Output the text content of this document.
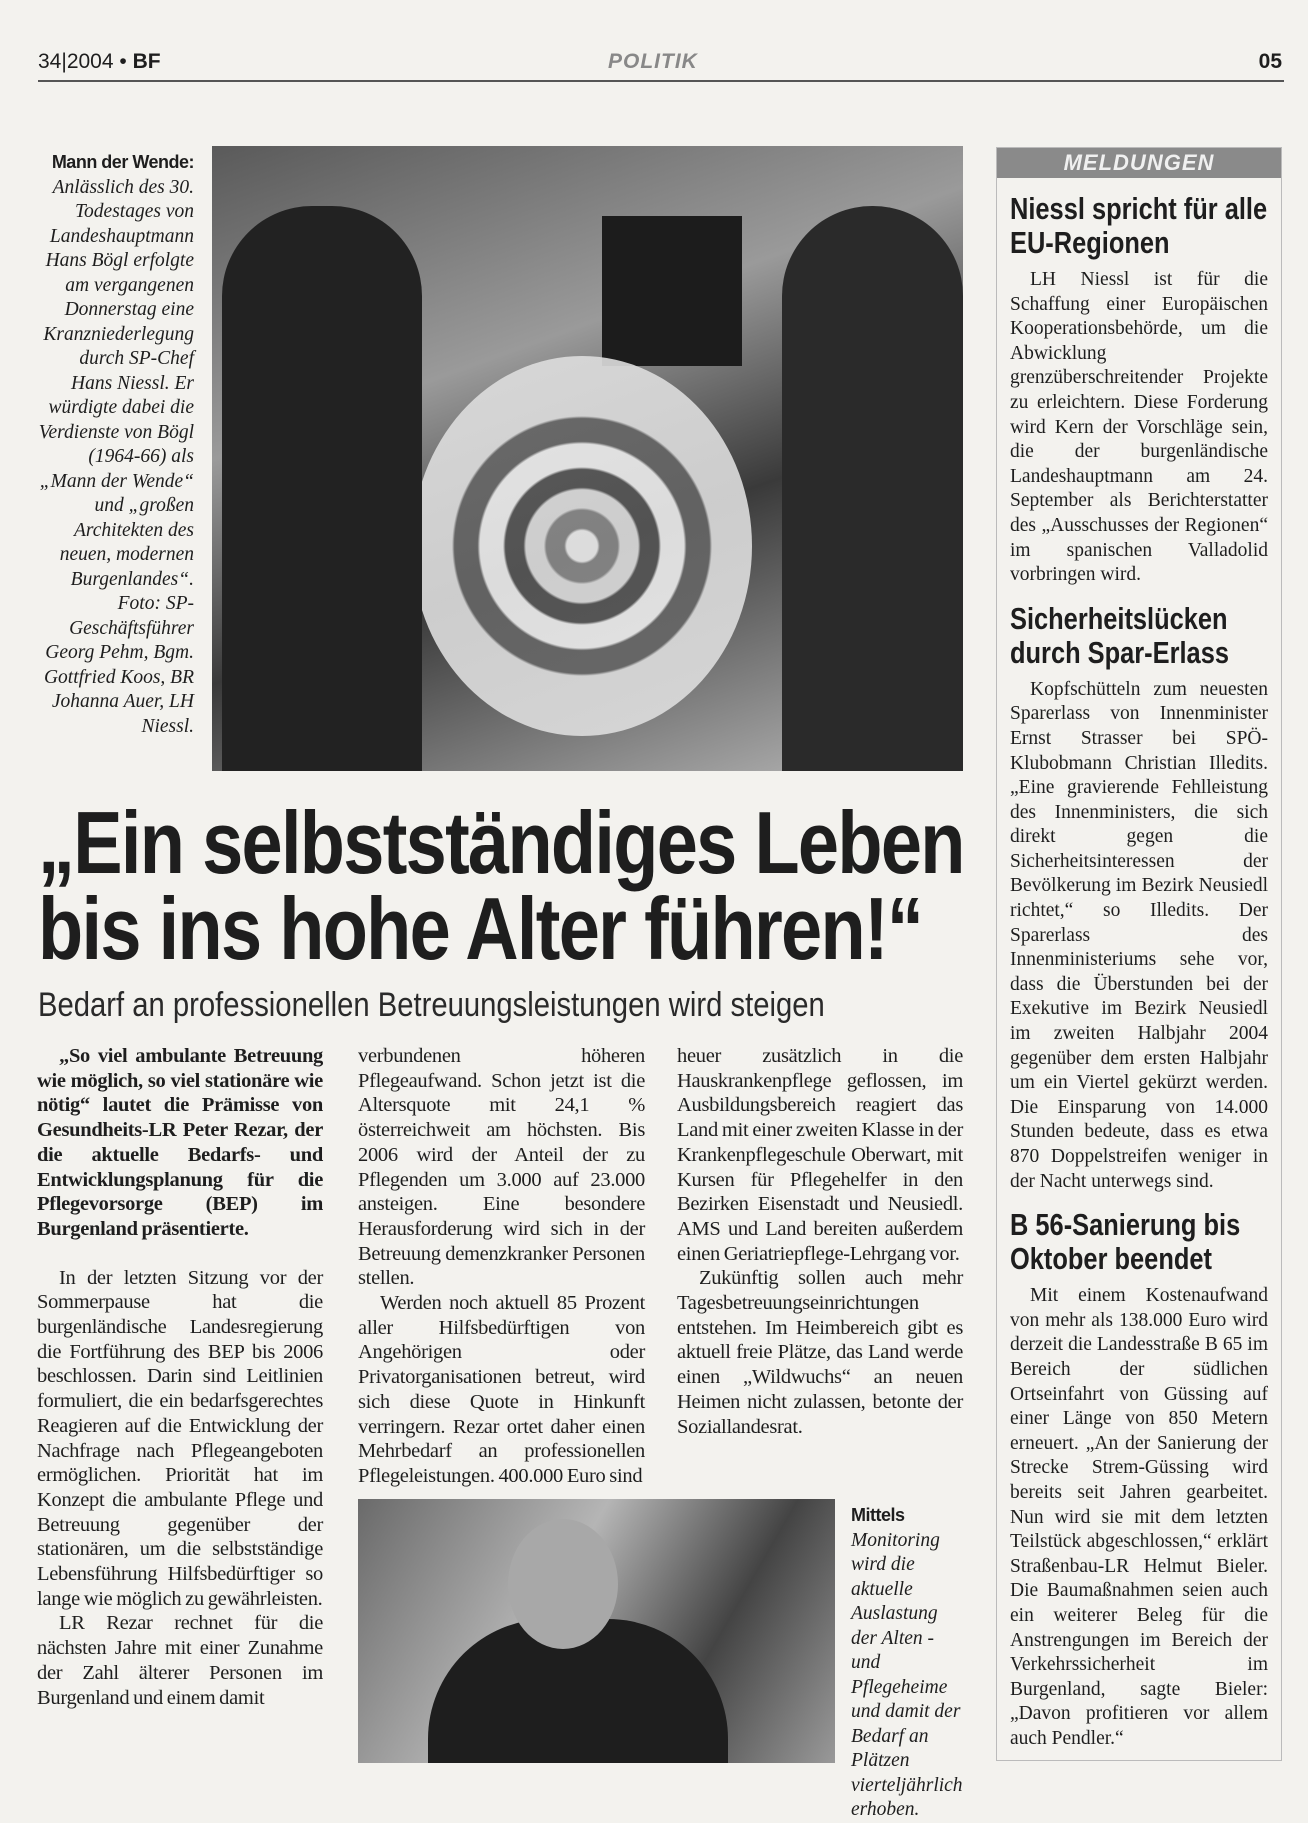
34|2004 • BF	POLITIK	05
Mann der Wende: Anlässlich des 30. Todestages von Landeshauptmann Hans Bögl erfolgte am vergangenen Donnerstag eine Kranzniederlegung durch SP-Chef Hans Niessl. Er würdigte dabei die Verdienste von Bögl (1964-66) als „Mann der Wende“ und „großen Architekten des neuen, modernen Burgenlandes“. Foto: SP-Geschäftsführer Georg Pehm, Bgm. Gottfried Koos, BR Johanna Auer, LH Niessl.
„Ein selbstständiges Leben
bis ins hohe Alter führen!“
Bedarf an professionellen Betreuungsleistungen wird steigen

„So viel ambulante Betreuung wie möglich, so viel stationäre wie nötig“ lautet die Prämisse von Gesundheits-LR Peter Rezar, der die aktuelle Bedarfs- und Entwicklungsplanung für die Pflegevorsorge (BEP) im Burgenland präsentierte.

In der letzten Sitzung vor der Sommerpause hat die burgenländische Landesregierung die Fortführung des BEP bis 2006 beschlossen. Darin sind Leitlinien formuliert, die ein bedarfsgerechtes Reagieren auf die Entwicklung der Nachfrage nach Pflegeangeboten ermöglichen. Priorität hat im Konzept die ambulante Pflege und Betreuung gegenüber der stationären, um die selbstständige Lebensführung Hilfsbedürftiger so lange wie möglich zu gewährleisten.

LR Rezar rechnet für die nächsten Jahre mit einer Zunahme der Zahl älterer Personen im Burgenland und einem damit

verbundenen höheren Pflegeaufwand. Schon jetzt ist die Altersquote mit 24,1 % österreichweit am höchsten. Bis 2006 wird der Anteil der zu Pflegenden um 3.000 auf 23.000 ansteigen. Eine besondere Herausforderung wird sich in der Betreuung demenzkranker Personen stellen.

Werden noch aktuell 85 Prozent aller Hilfsbedürftigen von Angehörigen oder Privatorganisationen betreut, wird sich diese Quote in Hinkunft verringern. Rezar ortet daher einen Mehrbedarf an professionellen Pflegeleistungen. 400.000 Euro sind

heuer zusätzlich in die Hauskrankenpflege geflossen, im Ausbildungsbereich reagiert das Land mit einer zweiten Klasse in der Krankenpflegeschule Oberwart, mit Kursen für Pflegehelfer in den Bezirken Eisenstadt und Neusiedl. AMS und Land bereiten außerdem einen Geriatriepflege-Lehrgang vor.

Zukünftig sollen auch mehr Tagesbetreuungseinrichtungen entstehen. Im Heimbereich gibt es aktuell freie Plätze, das Land werde einen „Wildwuchs“ an neuen Heimen nicht zulassen, betonte der Soziallandesrat.

Mittels Monitoring wird die aktuelle Auslastung der Alten - und Pflegeheime und damit der Bedarf an Plätzen vierteljährlich erhoben.
MELDUNGEN
Niessl spricht für alle EU-Regionen

LH Niessl ist für die Schaffung einer Europäischen Kooperationsbehörde, um die Abwicklung grenzüberschreitender Projekte zu erleichtern. Diese Forderung wird Kern der Vorschläge sein, die der burgenländische Landeshauptmann am 24. September als Berichterstatter des „Ausschusses der Regionen“ im spanischen Valladolid vorbringen wird.

Sicherheitslücken durch Spar-Erlass

Kopfschütteln zum neuesten Sparerlass von Innenminister Ernst Strasser bei SPÖ-Klubobmann Christian Illedits. „Eine gravierende Fehlleistung des Innenministers, die sich direkt gegen die Sicherheitsinteressen der Bevölkerung im Bezirk Neusiedl richtet,“ so Illedits. Der Sparerlass des Innenministeriums sehe vor, dass die Überstunden bei der Exekutive im Bezirk Neusiedl im zweiten Halbjahr 2004 gegenüber dem ersten Halbjahr um ein Viertel gekürzt werden. Die Einsparung von 14.000 Stunden bedeute, dass es etwa 870 Doppelstreifen weniger in der Nacht unterwegs sind.

B 56-Sanierung bis Oktober beendet

Mit einem Kostenaufwand von mehr als 138.000 Euro wird derzeit die Landesstraße B 65 im Bereich der südlichen Ortseinfahrt von Güssing auf einer Länge von 850 Metern erneuert. „An der Sanierung der Strecke Strem-Güssing wird bereits seit Jahren gearbeitet. Nun wird sie mit dem letzten Teilstück abgeschlossen,“ erklärt Straßenbau-LR Helmut Bieler. Die Baumaßnahmen seien auch ein weiterer Beleg für die Anstrengungen im Bereich der Verkehrssicherheit im Burgenland, sagte Bieler: „Davon profitieren vor allem auch Pendler.“
